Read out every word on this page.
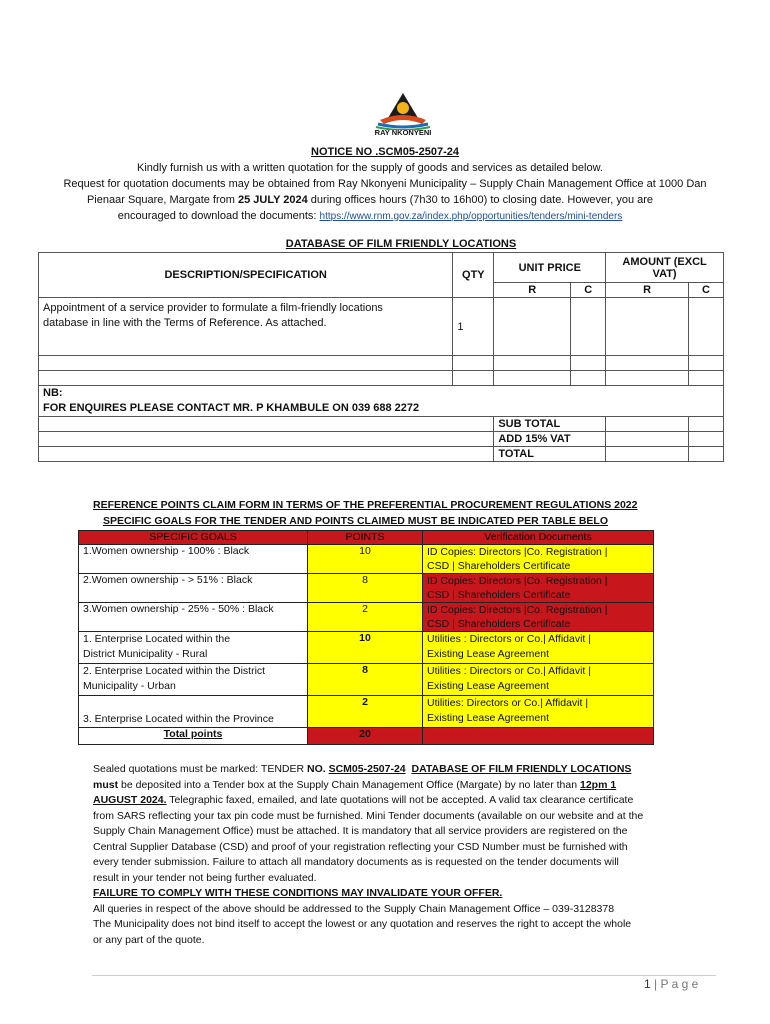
RAY NKONYENI
NOTICE NO .SCM05-2507-24
Kindly furnish us with a written quotation for the supply of goods and services as detailed below.
Request for quotation documents may be obtained from Ray Nkonyeni Municipality – Supply Chain Management Office at 1000 Dan
Pienaar Square, Margate from 25 JULY 2024 during offices hours (7h30 to 16h00) to closing date. However, you are
encouraged to download the documents: https://www.rnm.gov.za/index.php/opportunities/tenders/mini-tenders
DATABASE OF FILM FRIENDLY LOCATIONS
DESCRIPTION/SPECIFICATION	QTY	UNIT PRICE		AMOUNT (EXCL
VAT)	
		R	C	R	C
Appointment of a service provider to formulate a film-friendly locations
database in line with the Terms of Reference. As attached.	1				

NB:
FOR ENQUIRES PLEASE CONTACT MR. P KHAMBULE ON 039 688 2272					
		SUB TOTAL			
		ADD 15% VAT			
		TOTAL			
REFERENCE POINTS CLAIM FORM IN TERMS OF THE PREFERENTIAL PROCUREMENT REGULATIONS 2022
SPECIFIC GOALS FOR THE TENDER AND POINTS CLAIMED MUST BE INDICATED PER TABLE BELO
SPECIFIC GOALS	POINTS	Verification Documents
1.Women ownership - 100% : Black	10	ID Copies: Directors |Co. Registration |
CSD | Shareholders Certificate
2.Women ownership - > 51% : Black	8	ID Copies: Directors |Co. Registration |
CSD | Shareholders Certificate
3.Women ownership - 25% - 50% : Black	2	ID Copies: Directors |Co. Registration |
CSD | Shareholders Certificate
1. Enterprise Located within the
District Municipality - Rural	10	Utilities : Directors or Co.| Affidavit |
Existing Lease Agreement
2. Enterprise Located within the District
Municipality - Urban	8	Utilities : Directors or Co.| Affidavit |
Existing Lease Agreement
3. Enterprise Located within the Province	2	Utilities: Directors or Co.| Affidavit |
Existing Lease Agreement
Total points	20	
Sealed quotations must be marked: TENDER NO. SCM05-2507-24 DATABASE OF FILM FRIENDLY LOCATIONS
must be deposited into a Tender box at the Supply Chain Management Office (Margate) by no later than 12pm 1
AUGUST 2024. Telegraphic faxed, emailed, and late quotations will not be accepted. A valid tax clearance certificate
from SARS reflecting your tax pin code must be furnished. Mini Tender documents (available on our website and at the
Supply Chain Management Office) must be attached. It is mandatory that all service providers are registered on the
Central Supplier Database (CSD) and proof of your registration reflecting your CSD Number must be furnished with
every tender submission. Failure to attach all mandatory documents as is requested on the tender documents will
result in your tender not being further evaluated.
FAILURE TO COMPLY WITH THESE CONDITIONS MAY INVALIDATE YOUR OFFER.
All queries in respect of the above should be addressed to the Supply Chain Management Office – 039-3128378
The Municipality does not bind itself to accept the lowest or any quotation and reserves the right to accept the whole
or any part of the quote.
1 | P a g e
